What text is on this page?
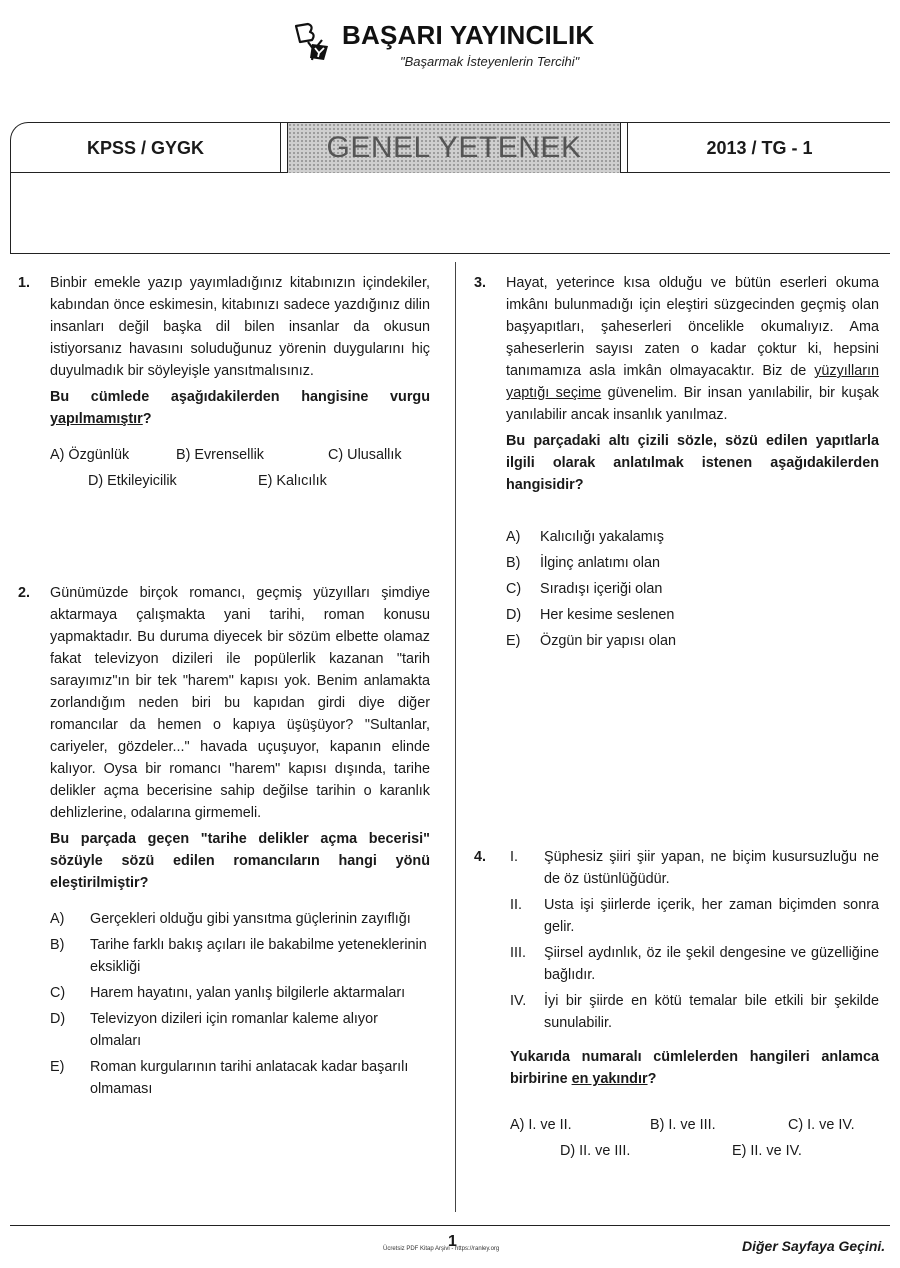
BAŞARI YAYINCILIK
"Başarmak İsteyenlerin Tercihi"
KPSS / GYGK	GENEL YETENEK	2013 / TG - 1
1. Binbir emekle yazıp yayımladığınız kitabınızın içindekiler, kabından önce eskimesin, kitabınızı sadece yazdığınız dilin insanları değil başka dil bilen insanlar da okusun istiyorsanız havasını soluduğunuz yörenin duygularını hiç duyulmadık bir söyleyişle yansıtmalısınız.
Bu cümlede aşağıdakilerden hangisine vurgu yapılmamıştır?
A) Özgünlük	B) Evrensellik	C) Ulusallık
D) Etkileyicilik	E) Kalıcılık
2. Günümüzde birçok romancı, geçmiş yüzyılları şimdiye aktarmaya çalışmakta yani tarihi, roman konusu yapmaktadır. Bu duruma diyecek bir sözüm elbette olamaz fakat televizyon dizileri ile popülerlik kazanan "tarih sarayımız"ın bir tek "harem" kapısı yok. Benim anlamakta zorlandığım neden biri bu kapıdan girdi diye diğer romancılar da hemen o kapıya üşüşüyor? "Sultanlar, cariyeler, gözdeler..." havada uçuşuyor, kapanın elinde kalıyor. Oysa bir romancı "harem" kapısı dışında, tarihe delikler açma becerisine sahip değilse tarihin o karanlık dehlizlerine, odalarına girmemeli.
Bu parçada geçen "tarihe delikler açma becerisi" sözüyle sözü edilen romancıların hangi yönü eleştirilmiştir?
A) Gerçekleri olduğu gibi yansıtma güçlerinin zayıflığı
B) Tarihe farklı bakış açıları ile bakabilme yeteneklerinin eksikliği
C) Harem hayatını, yalan yanlış bilgilerle aktarmaları
D) Televizyon dizileri için romanlar kaleme alıyor olmaları
E) Roman kurgularının tarihi anlatacak kadar başarılı olmaması
3. Hayat, yeterince kısa olduğu ve bütün eserleri okuma imkânı bulunmadığı için eleştiri süzgecinden geçmiş olan başyapıtları, şaheserleri öncelikle okumalıyız. Ama şaheserlerin sayısı zaten o kadar çoktur ki, hepsini tanımamıza asla imkân olmayacaktır. Biz de yüzyılların yaptığı seçime güvenelim. Bir insan yanılabilir, bir kuşak yanılabilir ancak insanlık yanılmaz.
Bu parçadaki altı çizili sözle, sözü edilen yapıtlarla ilgili olarak anlatılmak istenen aşağıdakilerden hangisidir?
A) Kalıcılığı yakalamış
B) İlginç anlatımı olan
C) Sıradışı içeriği olan
D) Her kesime seslenen
E) Özgün bir yapısı olan
4. I. Şüphesiz şiiri şiir yapan, ne biçim kusursuzluğu ne de öz üstünlüğüdür.
II. Usta işi şiirlerde içerik, her zaman biçimden sonra gelir.
III. Şiirsel aydınlık, öz ile şekil dengesine ve güzelliğine bağlıdır.
IV. İyi bir şiirde en kötü temalar bile etkili bir şekilde sunulabilir.
Yukarıda numaralı cümlelerden hangileri anlamca birbirine en yakındır?
A) I. ve II.	B) I. ve III.	C) I. ve IV.
D) II. ve III.	E) II. ve IV.
1
Ücretsiz PDF Kitap Arşivi - https://ranley.org	Diğer Sayfaya Geçini.
